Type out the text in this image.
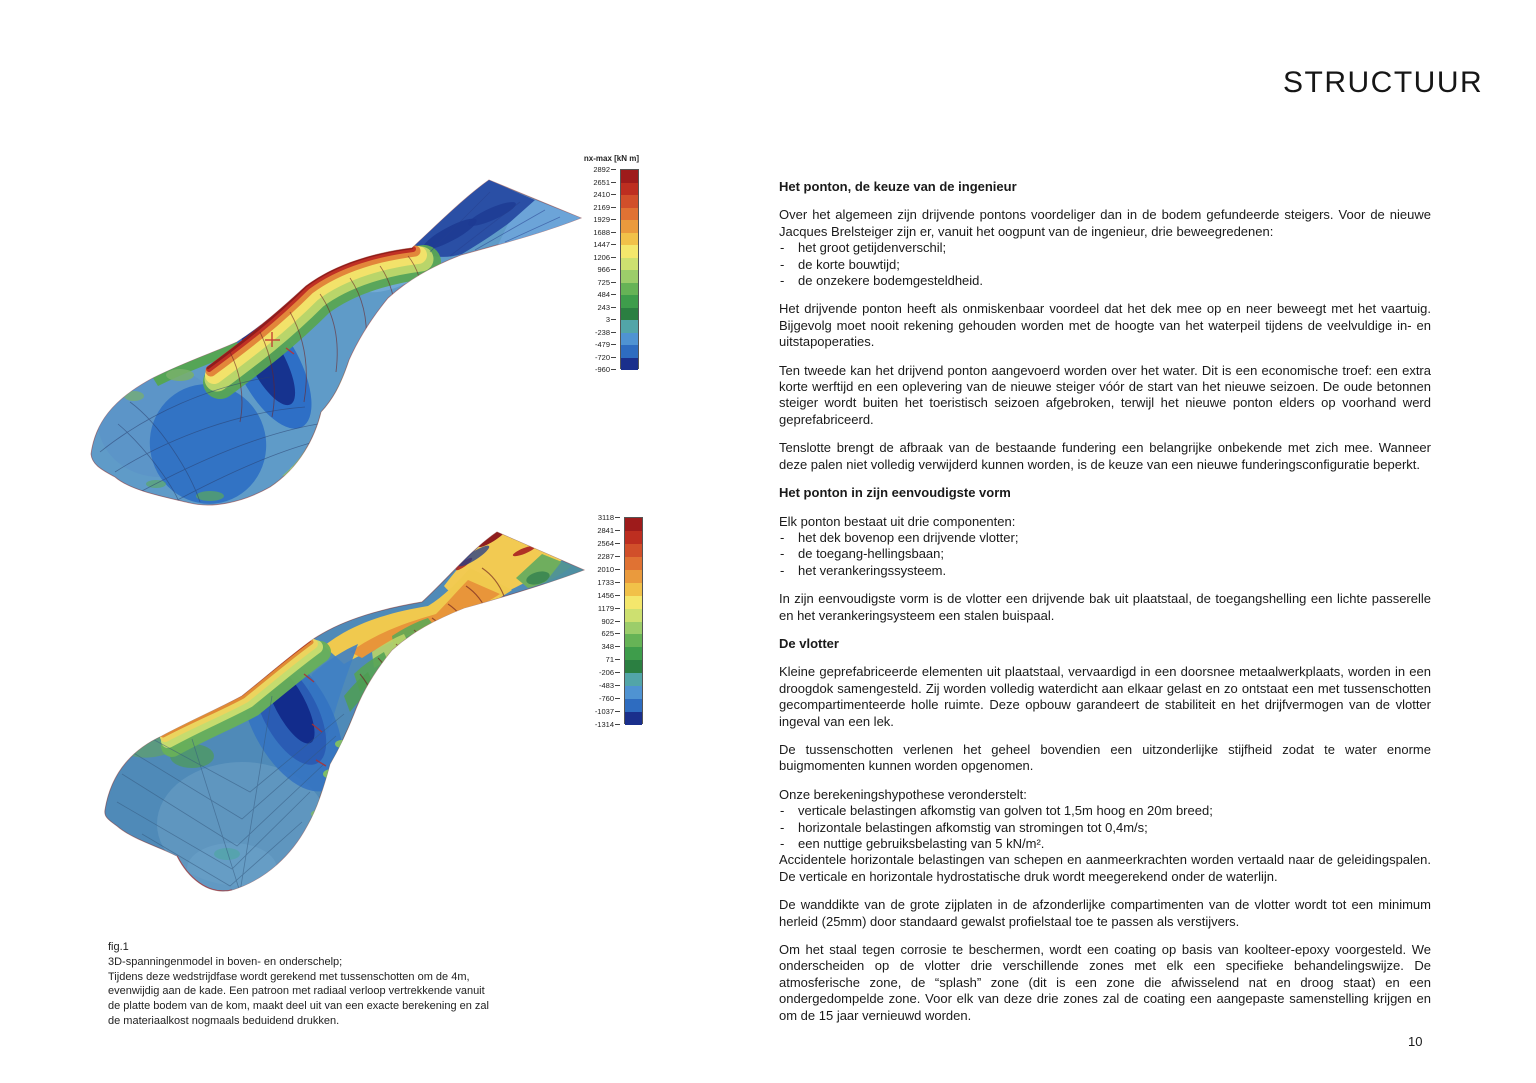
STRUCTUUR
nx-max [kN m]
2892
2651
2410
2169
1929
1688
1447
1206
966
725
484
243
3
-238
-479
-720
-960
3118
2841
2564
2287
2010
1733
1456
1179
902
625
348
71
-206
-483
-760
-1037
-1314
fig.1
3D-spanningenmodel in boven- en onderschelp;
Tijdens deze wedstrijdfase wordt gerekend met tussenschotten om de 4m,
evenwijdig aan de kade. Een patroon met radiaal verloop vertrekkende vanuit
de platte bodem van de kom, maakt deel uit van een exacte berekening en zal
de materiaalkost nogmaals beduidend drukken.
Het ponton, de keuze van de ingenieur
Over het algemeen zijn drijvende pontons voordeliger dan in de bodem gefundeerde steigers. Voor de nieuwe Jacques Brelsteiger zijn er, vanuit het oogpunt van de ingenieur, drie beweegredenen:
- het groot getijdenverschil;
- de korte bouwtijd;
- de onzekere bodemgesteldheid.
Het drijvende ponton heeft als onmiskenbaar voordeel dat het dek mee op en neer beweegt met het vaartuig. Bijgevolg moet nooit rekening gehouden worden met de hoogte van het waterpeil tijdens de veelvuldige in- en uitstapoperaties.
Ten tweede kan het drijvend ponton aangevoerd worden over het water. Dit is een economische troef: een extra korte werftijd en een oplevering van de nieuwe steiger vóór de start van het nieuwe seizoen. De oude betonnen steiger wordt buiten het toeristisch seizoen afgebroken, terwijl het nieuwe ponton elders op voorhand werd geprefabriceerd.
Tenslotte brengt de afbraak van de bestaande fundering een belangrijke onbekende met zich mee. Wanneer deze palen niet volledig verwijderd kunnen worden, is de keuze van een nieuwe funderingsconfiguratie beperkt.
Het ponton in zijn eenvoudigste vorm
Elk ponton bestaat uit drie componenten:
- het dek bovenop een drijvende vlotter;
- de toegang-hellingsbaan;
- het verankeringssysteem.
In zijn eenvoudigste vorm is de vlotter een drijvende bak uit plaatstaal, de toegangshelling een lichte passerelle en het verankeringsysteem een stalen buispaal.
De vlotter
Kleine geprefabriceerde elementen uit plaatstaal, vervaardigd in een doorsnee metaalwerkplaats, worden in een droogdok samengesteld. Zij worden volledig waterdicht aan elkaar gelast en zo ontstaat een met tussenschotten gecompartimenteerde holle ruimte. Deze opbouw garandeert de stabiliteit en het drijfvermogen van de vlotter ingeval van een lek.
De tussenschotten verlenen het geheel bovendien een uitzonderlijke stijfheid zodat te water enorme buigmomenten kunnen worden opgenomen.
Onze berekeningshypothese veronderstelt:
- verticale belastingen afkomstig van golven tot 1,5m hoog en 20m breed;
- horizontale belastingen afkomstig van stromingen tot 0,4m/s;
- een nuttige gebruiksbelasting van 5 kN/m².
Accidentele horizontale belastingen van schepen en aanmeerkrachten worden vertaald naar de geleidingspalen. De verticale en horizontale hydrostatische druk wordt meegerekend onder de waterlijn.
De wanddikte van de grote zijplaten in de afzonderlijke compartimenten van de vlotter wordt tot een minimum herleid (25mm) door standaard gewalst profielstaal toe te passen als verstijvers.
Om het staal tegen corrosie te beschermen, wordt een coating op basis van koolteer-epoxy voorgesteld. We onderscheiden op de vlotter drie verschillende zones met elk een specifieke behandelingswijze. De atmosferische zone, de “splash” zone (dit is een zone die afwisselend nat en droog staat) en een ondergedompelde zone. Voor elk van deze drie zones zal de coating een aangepaste samenstelling krijgen en om de 15 jaar vernieuwd worden.
10
